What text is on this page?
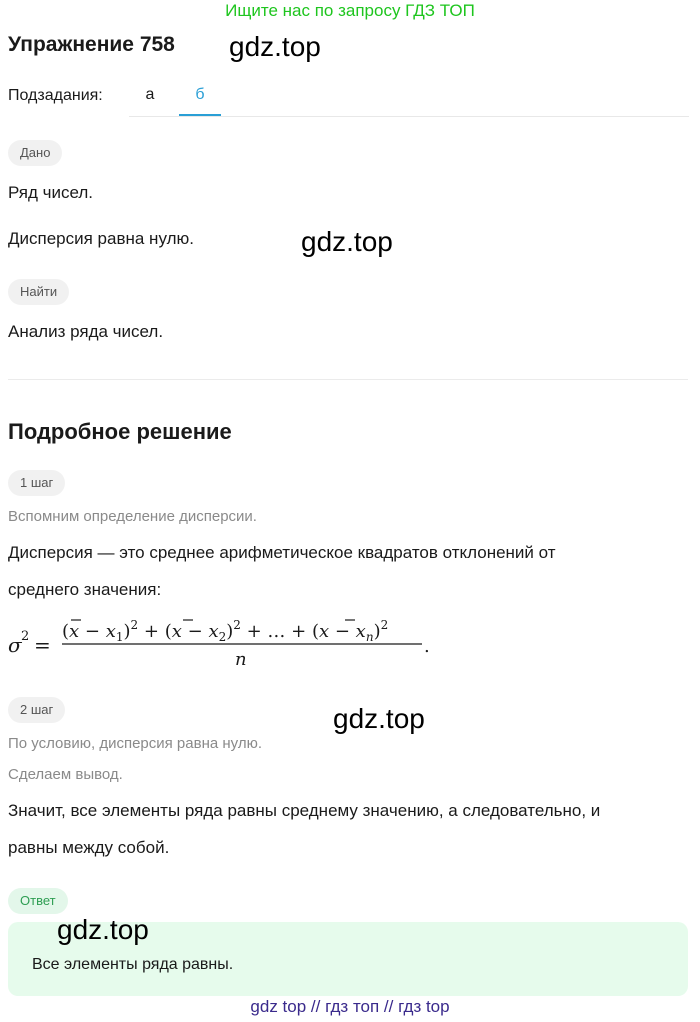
Ищите нас по запросу ГДЗ ТОП
Упражнение 758 gdz.top
Подзадания:	а	б
Дано
Ряд чисел.
Дисперсия равна нулю.	gdz.top
Найти
Анализ ряда чисел.
Подробное решение
1 шаг
Вспомним определение дисперсии.
Дисперсия — это среднее арифметическое квадратов отклонений от
среднего значения:
σ 2 =
$(x - x_1)^2 + (x - x_2)^2$ + … + $(x - x_n)^2$
n
.
2 шаг	gdz.top
По условию, дисперсия равна нулю.
Сделаем вывод.
Значит, все элементы ряда равны среднему значению, а следовательно, и
равны между собой.
Ответ
gdz.top
Все элементы ряда равны.
gdz top // гдз топ // гдз top
